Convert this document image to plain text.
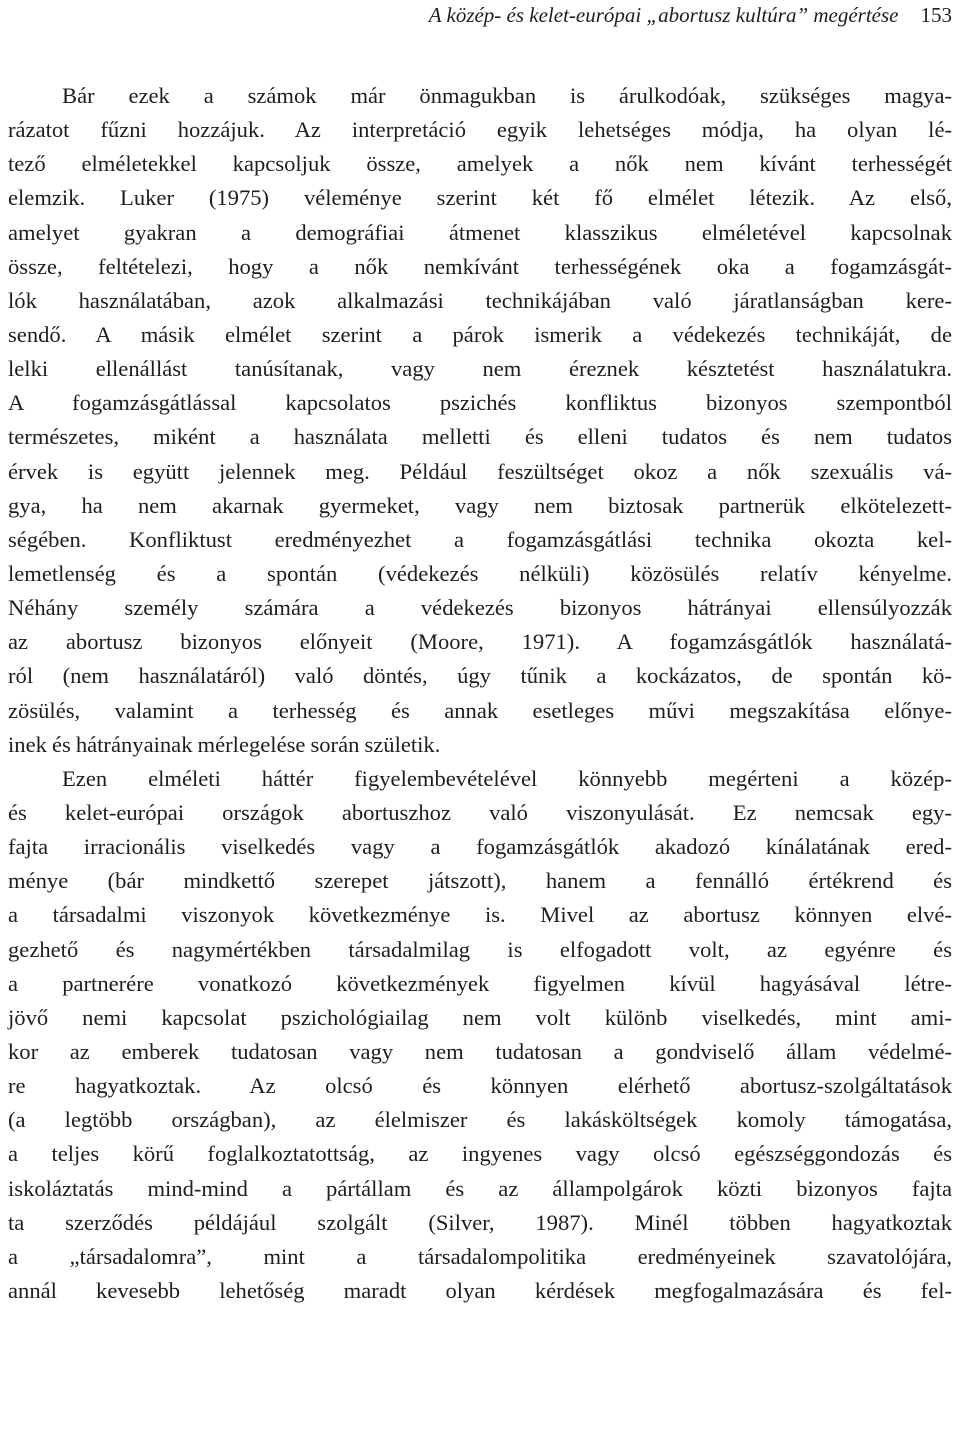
A közép- és kelet-európai „abortusz kultúra” megértése 153
Bár ezek a számok már önmagukban is árulkodóak, szükséges magya-
rázatot fűzni hozzájuk. Az interpretáció egyik lehetséges módja, ha olyan lé-
tező elméletekkel kapcsoljuk össze, amelyek a nők nem kívánt terhességét
elemzik. Luker (1975) véleménye szerint két fő elmélet létezik. Az első,
amelyet gyakran a demográfiai átmenet klasszikus elméletével kapcsolnak
össze, feltételezi, hogy a nők nemkívánt terhességének oka a fogamzásgát-
lók használatában, azok alkalmazási technikájában való járatlanságban kere-
sendő. A másik elmélet szerint a párok ismerik a védekezés technikáját, de
lelki ellenállást tanúsítanak, vagy nem éreznek késztetést használatukra.
A fogamzásgátlással kapcsolatos pszichés konfliktus bizonyos szempontból
természetes, miként a használata melletti és elleni tudatos és nem tudatos
érvek is együtt jelennek meg. Például feszültséget okoz a nők szexuális vá-
gya, ha nem akarnak gyermeket, vagy nem biztosak partnerük elkötelezett-
ségében. Konfliktust eredményezhet a fogamzásgátlási technika okozta kel-
lemetlenség és a spontán (védekezés nélküli) közösülés relatív kényelme.
Néhány személy számára a védekezés bizonyos hátrányai ellensúlyozzák
az abortusz bizonyos előnyeit (Moore, 1971). A fogamzásgátlók használatá-
ról (nem használatáról) való döntés, úgy tűnik a kockázatos, de spontán kö-
zösülés, valamint a terhesség és annak esetleges művi megszakítása előnye-
inek és hátrányainak mérlegelése során születik.
Ezen elméleti háttér figyelembevételével könnyebb megérteni a közép-
és kelet-európai országok abortuszhoz való viszonyulását. Ez nemcsak egy-
fajta irracionális viselkedés vagy a fogamzásgátlók akadozó kínálatának ered-
ménye (bár mindkettő szerepet játszott), hanem a fennálló értékrend és
a társadalmi viszonyok következménye is. Mivel az abortusz könnyen elvé-
gezhető és nagymértékben társadalmilag is elfogadott volt, az egyénre és
a partnerére vonatkozó következmények figyelmen kívül hagyásával létre-
jövő nemi kapcsolat pszichológiailag nem volt különb viselkedés, mint ami-
kor az emberek tudatosan vagy nem tudatosan a gondviselő állam védelmé-
re hagyatkoztak. Az olcsó és könnyen elérhető abortusz-szolgáltatások
(a legtöbb országban), az élelmiszer és lakásköltségek komoly támogatása,
a teljes körű foglalkoztatottság, az ingyenes vagy olcsó egészséggondozás és
iskoláztatás mind-mind a pártállam és az állampolgárok közti bizonyos fajta
ta szerződés példájául szolgált (Silver, 1987). Minél többen hagyatkoztak
a „társadalomra”, mint a társadalompolitika eredményeinek szavatolójára,
annál kevesebb lehetőség maradt olyan kérdések megfogalmazására és fel-
